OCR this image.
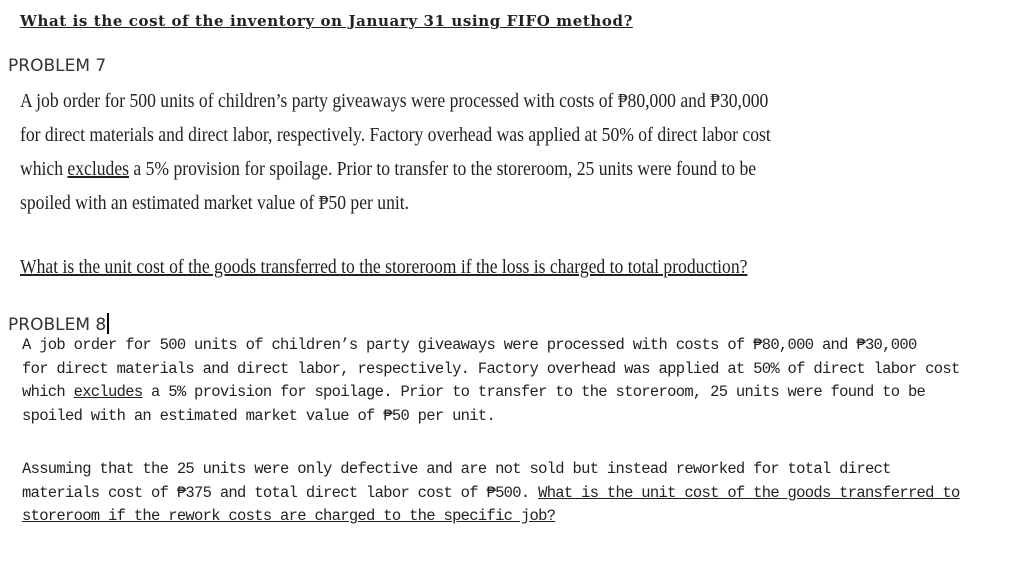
What is the cost of the inventory on January 31 using FIFO method?
PROBLEM 7
A job order for 500 units of children’s party giveaways were processed with costs of ₱80,000 and ₱30,000
for direct materials and direct labor, respectively. Factory overhead was applied at 50% of direct labor cost
which excludes a 5% provision for spoilage. Prior to transfer to the storeroom, 25 units were found to be
spoiled with an estimated market value of ₱50 per unit.
What is the unit cost of the goods transferred to the storeroom if the loss is charged to total production?
PROBLEM 8
A job order for 500 units of children’s party giveaways were processed with costs of ₱80,000 and ₱30,000
for direct materials and direct labor, respectively. Factory overhead was applied at 50% of direct labor cost
which excludes a 5% provision for spoilage. Prior to transfer to the storeroom, 25 units were found to be
spoiled with an estimated market value of ₱50 per unit.
Assuming that the 25 units were only defective and are not sold but instead reworked for total direct
materials cost of ₱375 and total direct labor cost of ₱500. What is the unit cost of the goods transferred to
storeroom if the rework costs are charged to the specific job?
